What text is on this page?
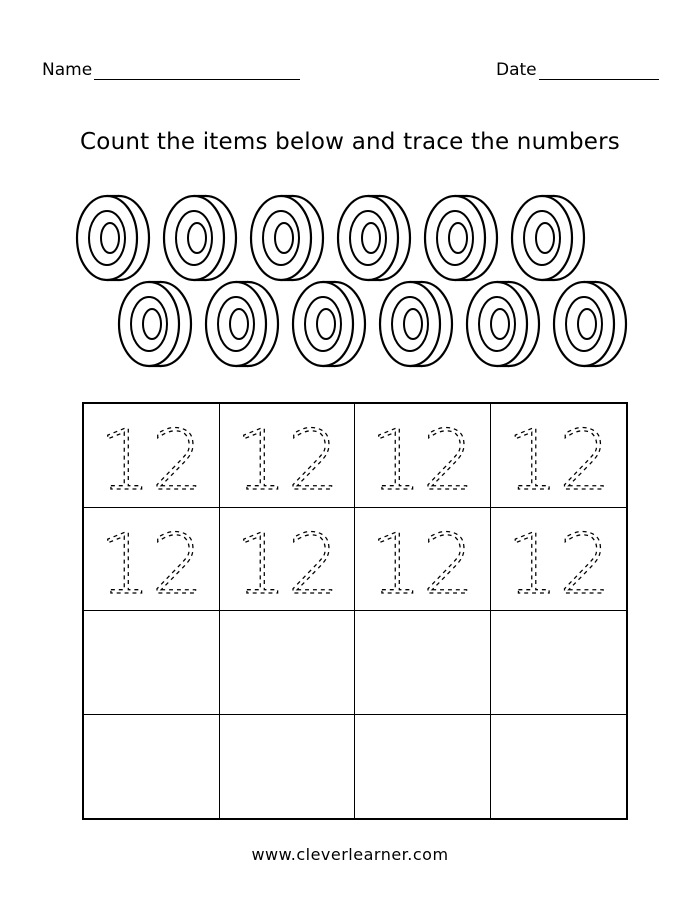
Name	Date
Count the items below and trace the numbers
12 12 12 12
12 12 12 12
www.cleverlearner.com
